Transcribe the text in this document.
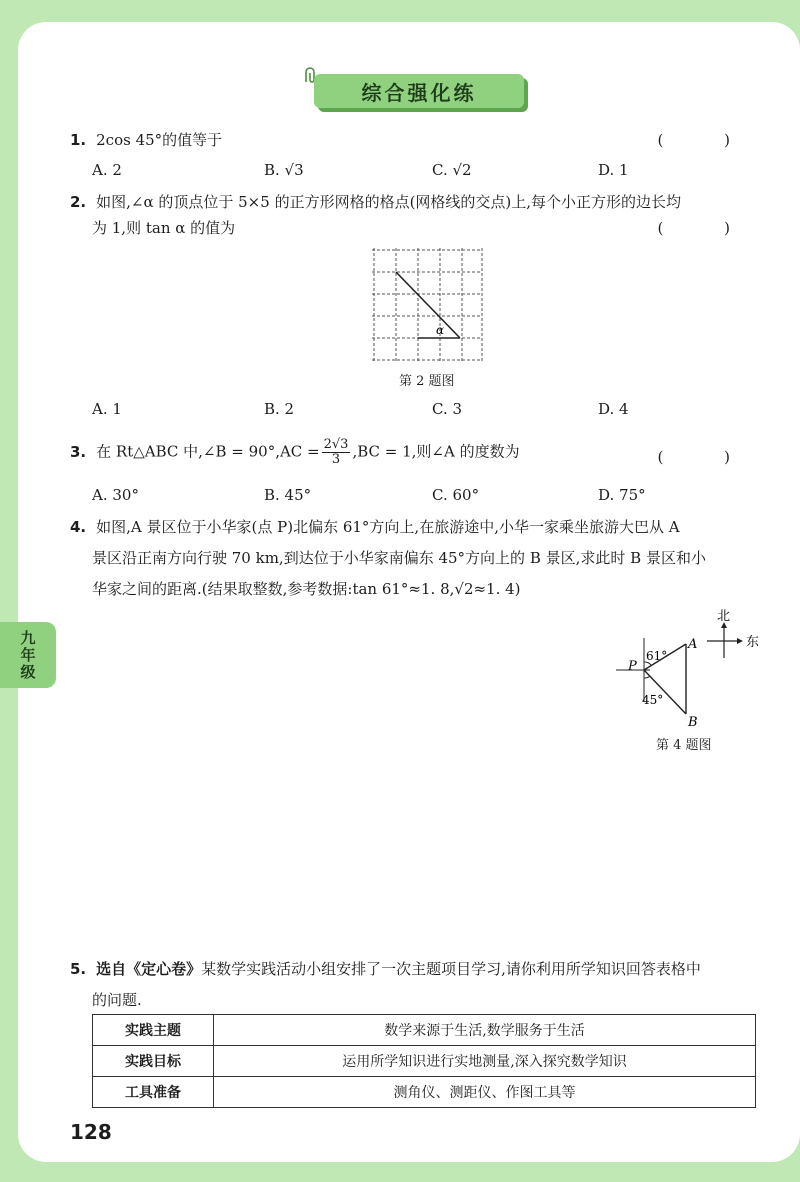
九
年
级
综合强化练
1. 2cos 45°的值等于	( )
A. 2	B. √3	C. √2	D. 1
2. 如图,∠α 的顶点位于 5×5 的正方形网格的格点(网格线的交点)上,每个小正方形的边长均
为 1,则 tan α 的值为	( )
α
第 2 题图
A. 1	B. 2	C. 3	D. 4
3. 在 Rt△ABC 中,∠B = $90^\circ,AC = \frac{2√3}{3} ,BC = 1$,则∠A 的度数为	( )
A. 30°	B. 45°	C. 60°	D. 75°
4. 如图,A 景区位于小华家(点 P)北偏东 61°方向上,在旅游途中,小华一家乘坐旅游大巴从 A
景区沿正南方向行驶 70 km,到达位于小华家南偏东 45°方向上的 B 景区,求此时 B 景区和小
华家之间的距离.(结果取整数,参考数据:tan 61°≈1. 8,√2≈1. 4)
北
东
P
A
B
61°
45°
第 4 题图
5. 选自《定心卷》某数学实践活动小组安排了一次主题项目学习,请你利用所学知识回答表格中
的问题.
实践主题	数学来源于生活,数学服务于生活
实践目标	运用所学知识进行实地测量,深入探究数学知识
工具准备	测角仪、测距仪、作图工具等
128
